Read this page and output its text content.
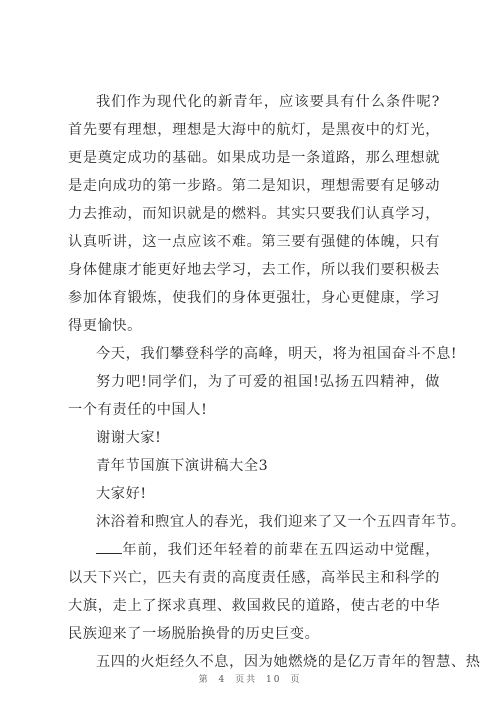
我们作为现代化的新青年，应该要具有什么条件呢?首先要有理想，理想是大海中的航灯，是黑夜中的灯光，更是奠定成功的基础。如果成功是一条道路，那么理想就是走向成功的第一步路。第二是知识，理想需要有足够动力去推动，而知识就是的燃料。其实只要我们认真学习，认真听讲，这一点应该不难。第三要有强健的体魄，只有身体健康才能更好地去学习，去工作，所以我们要积极去参加体育锻炼，使我们的身体更强壮，身心更健康，学习得更愉快。

今天，我们攀登科学的高峰，明天，将为祖国奋斗不息!

努力吧!同学们，为了可爱的祖国!弘扬五四精神，做一个有责任的中国人!

谢谢大家!

青年节国旗下演讲稿大全3

大家好!

沐浴着和煦宜人的春光，我们迎来了又一个五四青年节。

年前，我们还年轻着的前辈在五四运动中觉醒，以天下兴亡，匹夫有责的高度责任感，高举民主和科学的大旗，走上了探求真理、救国救民的道路，使古老的中华民族迎来了一场脱胎换骨的历史巨变。

五四的火炬经久不息，因为她燃烧的是亿万青年的智慧、热

第 4 页共 10 页
